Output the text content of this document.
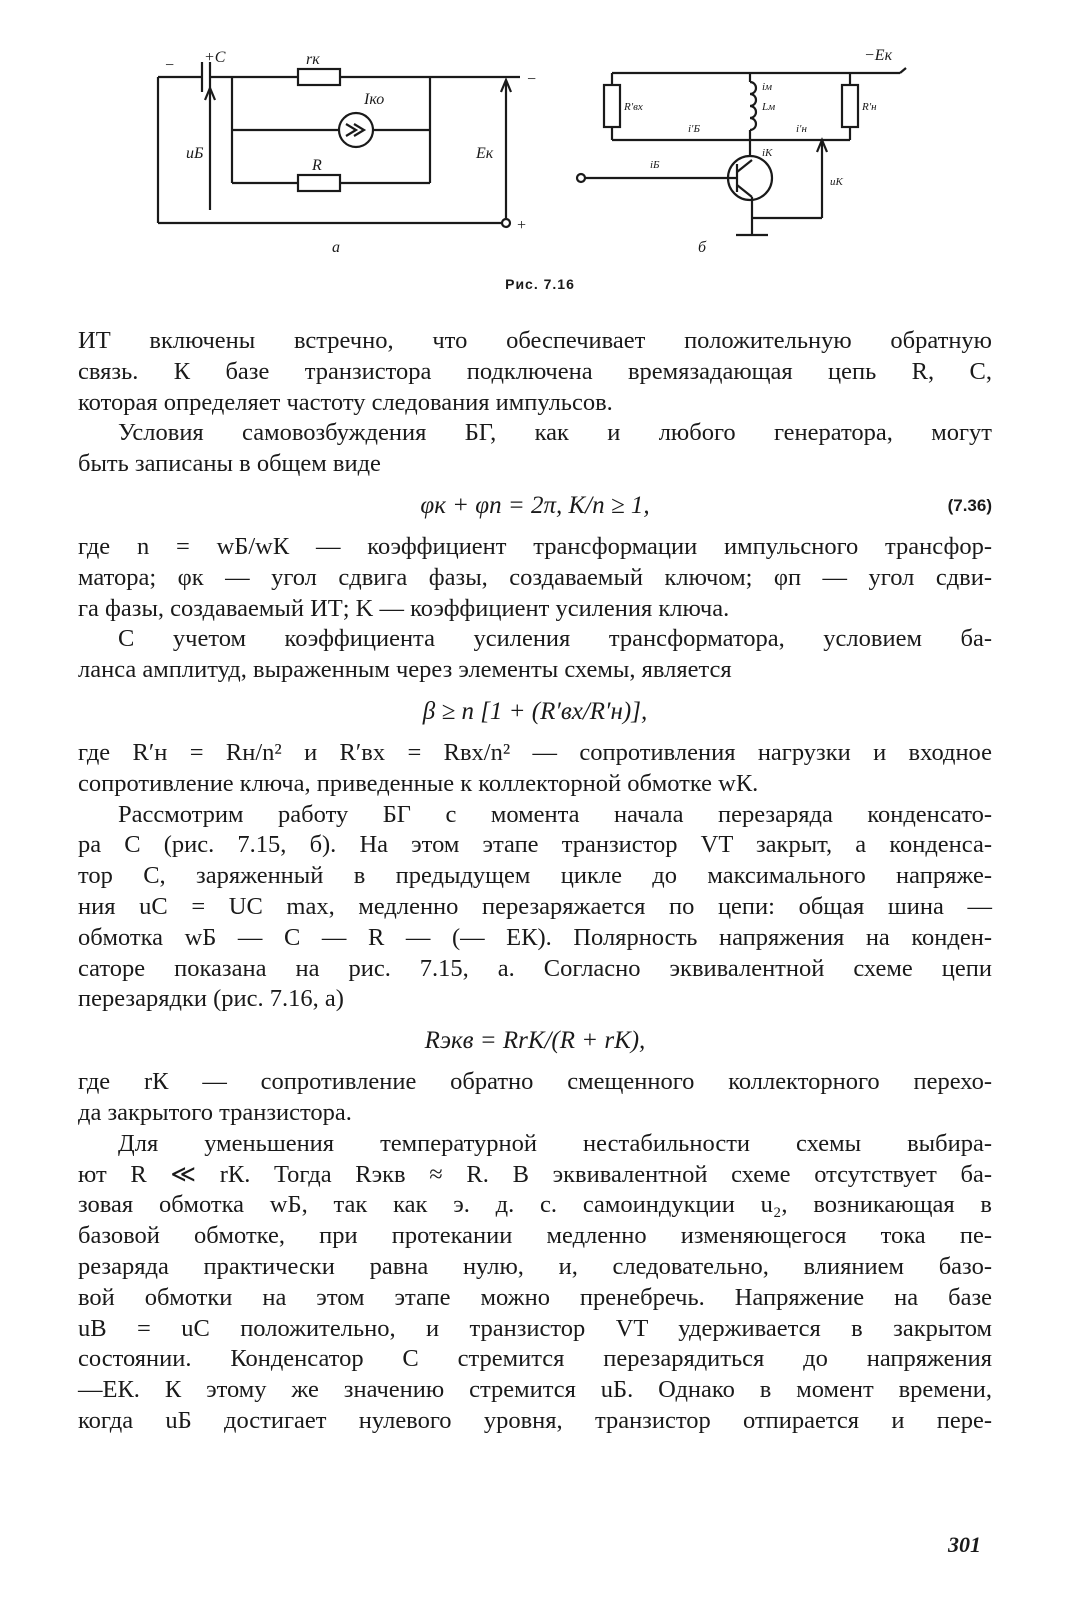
− +C	rк
Iко
R
uБ	Eк
−
+
а
−Eк
R′вх	R′н
iм
Lм
i′Б	i′н
iК
iБ
uК
б
Рис. 7.16

ИТ включены встречно, что обеспечивает положительную обратную

связь. К базе транзистора подключена времязадающая цепь R, C,

которая определяет частоту следования импульсов.

Условия самовозбуждения БГ, как и любого генератора, могут

быть записаны в общем виде

φк + φп = 2π, K/n ≥ 1,	(7.36)

где n = wБ/wК — коэффициент трансформации импульсного трансфор-

матора; φк — угол сдвига фазы, создаваемый ключом; φп — угол сдви-

га фазы, создаваемый ИТ; K — коэффициент усиления ключа.

С учетом коэффициента усиления трансформатора, условием ба-

ланса амплитуд, выраженным через элементы схемы, является

β ≥ n [1 + (R′вх/R′н)],

где R′н = Rн/n² и R′вх = Rвх/n² — сопротивления нагрузки и входное

сопротивление ключа, приведенные к коллекторной обмотке wК.

Рассмотрим работу БГ с момента начала перезаряда конденсато-

ра C (рис. 7.15, б). На этом этапе транзистор VT закрыт, а конденса-

тор C, заряженный в предыдущем цикле до максимального напряже-

ния uC = UC max, медленно перезаряжается по цепи: общая шина —

обмотка wБ — C — R — (— EК). Полярность напряжения на конден-

саторе показана на рис. 7.15, а. Согласно эквивалентной схеме цепи

перезарядки (рис. 7.16, а)

Rэкв = RrК/(R + rК),

где rК — сопротивление обратно смещенного коллекторного перехо-

да закрытого транзистора.

Для уменьшения температурной нестабильности схемы выбира-

ют R ≪ rК. Тогда Rэкв ≈ R. В эквивалентной схеме отсутствует ба-

зовая обмотка wБ, так как э. д. с. самоиндукции u₂, возникающая в

базовой обмотке, при протекании медленно изменяющегося тока пе-

резаряда практически равна нулю, и, следовательно, влиянием базо-

вой обмотки на этом этапе можно пренебречь. Напряжение на базе

uВ = uC положительно, и транзистор VT удерживается в закрытом

состоянии. Конденсатор C стремится перезарядиться до напряжения

—EК. К этому же значению стремится uБ. Однако в момент времени,

когда uБ достигает нулевого уровня, транзистор отпирается и пере-

301
